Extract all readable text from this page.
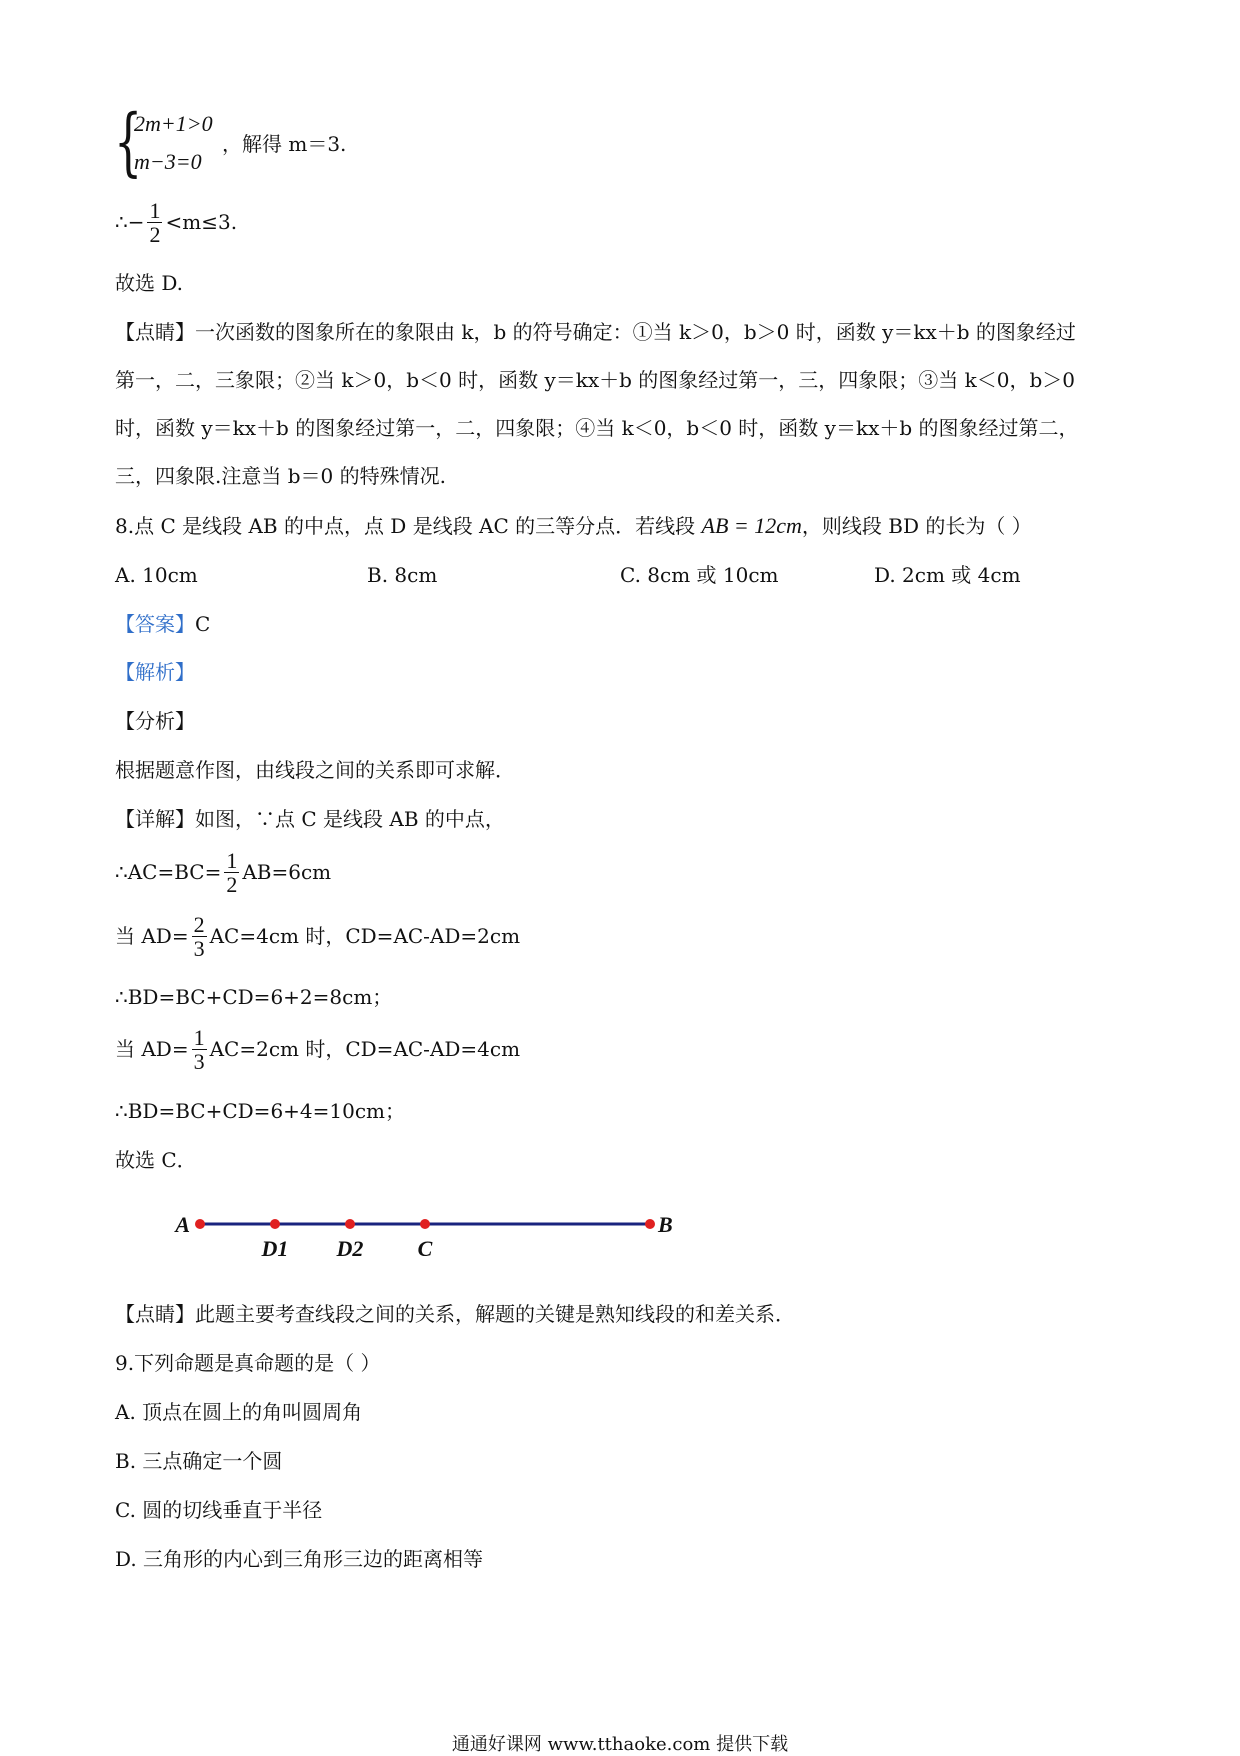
{
2m+1>0
m−3=0
，解得 m＝3.
∴− $\frac{1}{2} <m\le 3$.
故选 D.
【点睛】一次函数的图象所在的象限由 k，b 的符号确定：①当 k＞0，b＞0 时，函数 y＝kx＋b 的图象经过
第一，二，三象限；②当 k＞0，b＜0 时，函数 y＝kx＋b 的图象经过第一，三，四象限；③当 k＜0，b＞0
时，函数 y＝kx＋b 的图象经过第一，二，四象限；④当 k＜0，b＜0 时，函数 y＝kx＋b 的图象经过第二，
三，四象限.注意当 b＝0 的特殊情况.
8.点 C 是线段 AB 的中点，点 D 是线段 AC 的三等分点．若线段 AB = 12cm，则线段 BD 的长为（ ）
A. 10cm	B. 8cm	C. 8cm 或 10cm	D. 2cm 或 4cm
【答案】C
【解析】
【分析】
根据题意作图，由线段之间的关系即可求解．
【详解】如图，∵点 C 是线段 AB 的中点，
∴AC=BC= $\frac{1}{2} AB=6cm$
当 $AD= \frac{2}{3} AC=4cm$ 时，CD=AC-AD=2cm
∴BD=BC+CD=6+2=8cm；
当 $AD= \frac{1}{3} AC=2cm$ 时，CD=AC-AD=4cm
∴BD=BC+CD=6+4=10cm；
故选 C．
A
D1 D2 C
B
【点睛】此题主要考查线段之间的关系，解题的关键是熟知线段的和差关系．
9.下列命题是真命题的是（ ）
A. 顶点在圆上的角叫圆周角
B. 三点确定一个圆
C. 圆的切线垂直于半径
D. 三角形的内心到三角形三边的距离相等
通通好课网 www.tthaoke.com 提供下载
